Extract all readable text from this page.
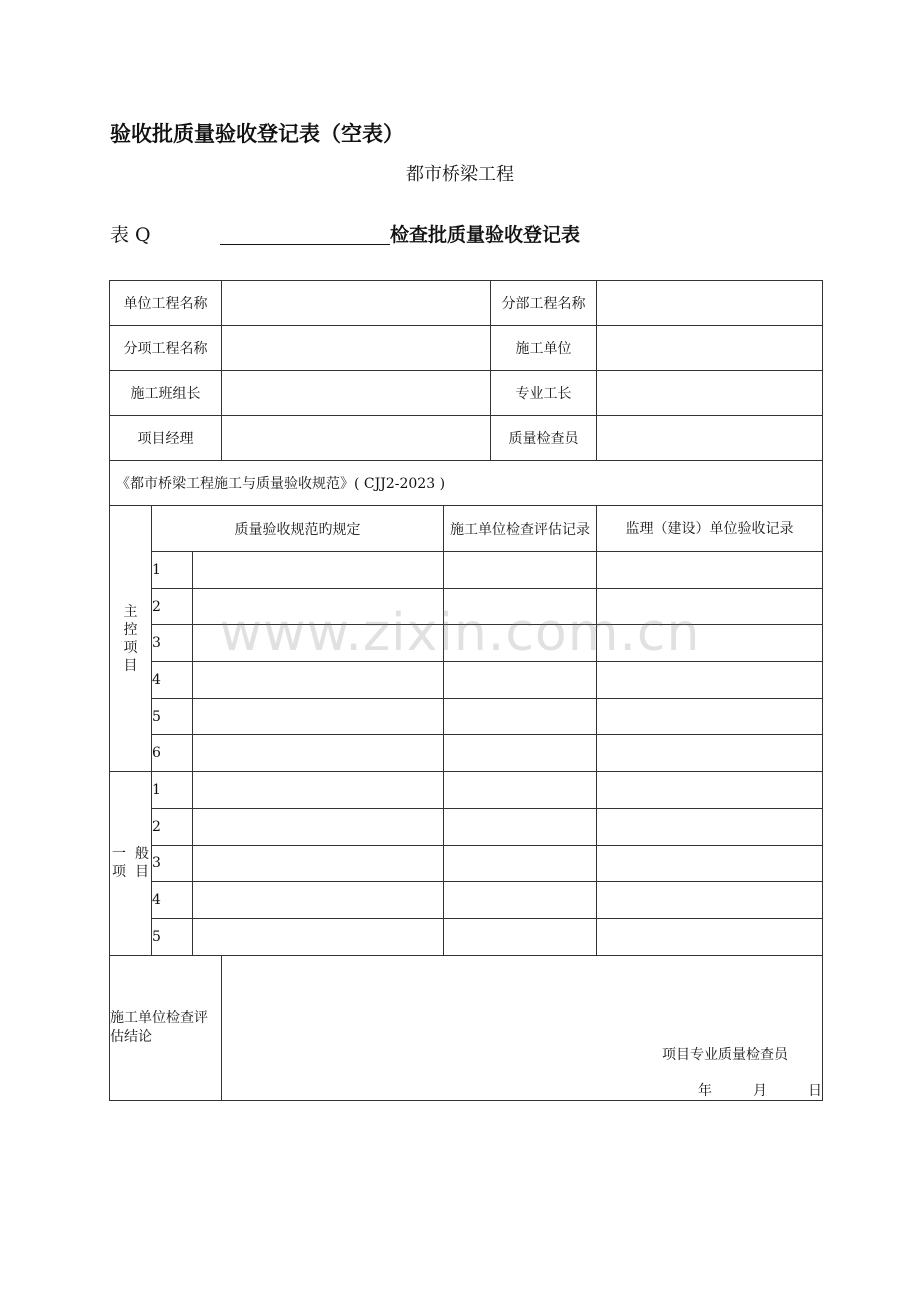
验收批质量验收登记表（空表）
都市桥梁工程
表 Q	检查批质量验收登记表
单位工程名称					分部工程名称	
分项工程名称					施工单位	
施工班组长					专业工长	
项目经理					质量检查员	
《都市桥梁工程施工与质量验收规范》( CJJ2-2023 )						
主
控
项
目	质量验收规范旳规定			施工单位检查评估记录		监理（建设）单位验收记录
	1					
	2					
	3					
	4					
	5					
	6					
一  般
项  目	1					
	2					
	3					
	4					
	5					
施工单位检查评估结论			项目专业质量检查员
年 月 日			
www.zixin.com.cn
